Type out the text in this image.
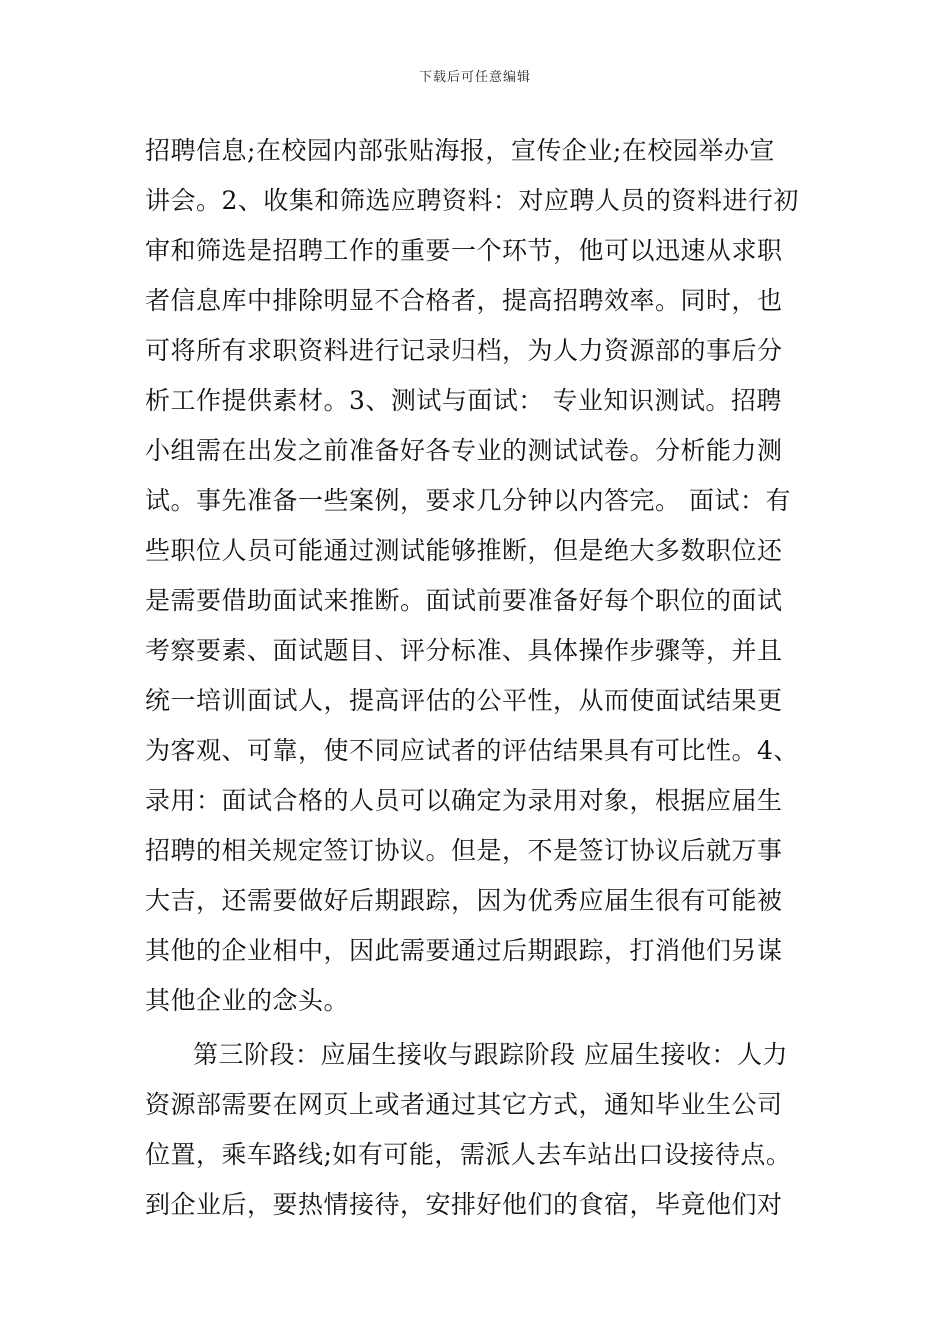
下载后可任意编辑
招聘信息;在校园内部张贴海报，宣传企业;在校园举办宣
讲会。2、收集和筛选应聘资料：对应聘人员的资料进行初
审和筛选是招聘工作的重要一个环节，他可以迅速从求职
者信息库中排除明显不合格者，提高招聘效率。同时，也
可将所有求职资料进行记录归档，为人力资源部的事后分
析工作提供素材。3、测试与面试： 专业知识测试。招聘
小组需在出发之前准备好各专业的测试试卷。分析能力测
试。事先准备一些案例，要求几分钟以内答完。 面试：有
些职位人员可能通过测试能够推断，但是绝大多数职位还
是需要借助面试来推断。面试前要准备好每个职位的面试
考察要素、面试题目、评分标准、具体操作步骤等，并且
统一培训面试人，提高评估的公平性，从而使面试结果更
为客观、可靠，使不同应试者的评估结果具有可比性。4、
录用：面试合格的人员可以确定为录用对象，根据应届生
招聘的相关规定签订协议。但是，不是签订协议后就万事
大吉，还需要做好后期跟踪，因为优秀应届生很有可能被
其他的企业相中，因此需要通过后期跟踪，打消他们另谋
其他企业的念头。
第三阶段：应届生接收与跟踪阶段 应届生接收：人力
资源部需要在网页上或者通过其它方式，通知毕业生公司
位置，乘车路线;如有可能，需派人去车站出口设接待点。
到企业后，要热情接待，安排好他们的食宿，毕竟他们对
